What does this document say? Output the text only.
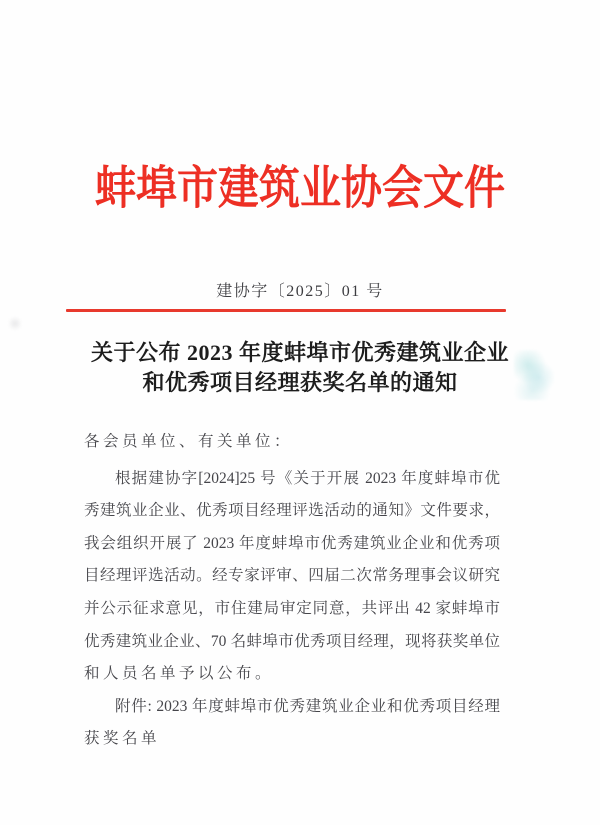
蚌埠市建筑业协会文件
建协字〔2025〕01 号
关于公布 2023 年度蚌埠市优秀建筑业企业
和优秀项目经理获奖名单的通知
各会员单位、有关单位：
根据建协字[2024]25 号《关于开展 2023 年度蚌埠市优
秀建筑业企业、优秀项目经理评选活动的通知》文件要求，
我会组织开展了 2023 年度蚌埠市优秀建筑业企业和优秀项
目经理评选活动。经专家评审、四届二次常务理事会议研究
并公示征求意见，市住建局审定同意，共评出 42 家蚌埠市
优秀建筑业企业、70 名蚌埠市优秀项目经理，现将获奖单位
和人员名单予以公布。
附件: 2023 年度蚌埠市优秀建筑业企业和优秀项目经理
获奖名单
